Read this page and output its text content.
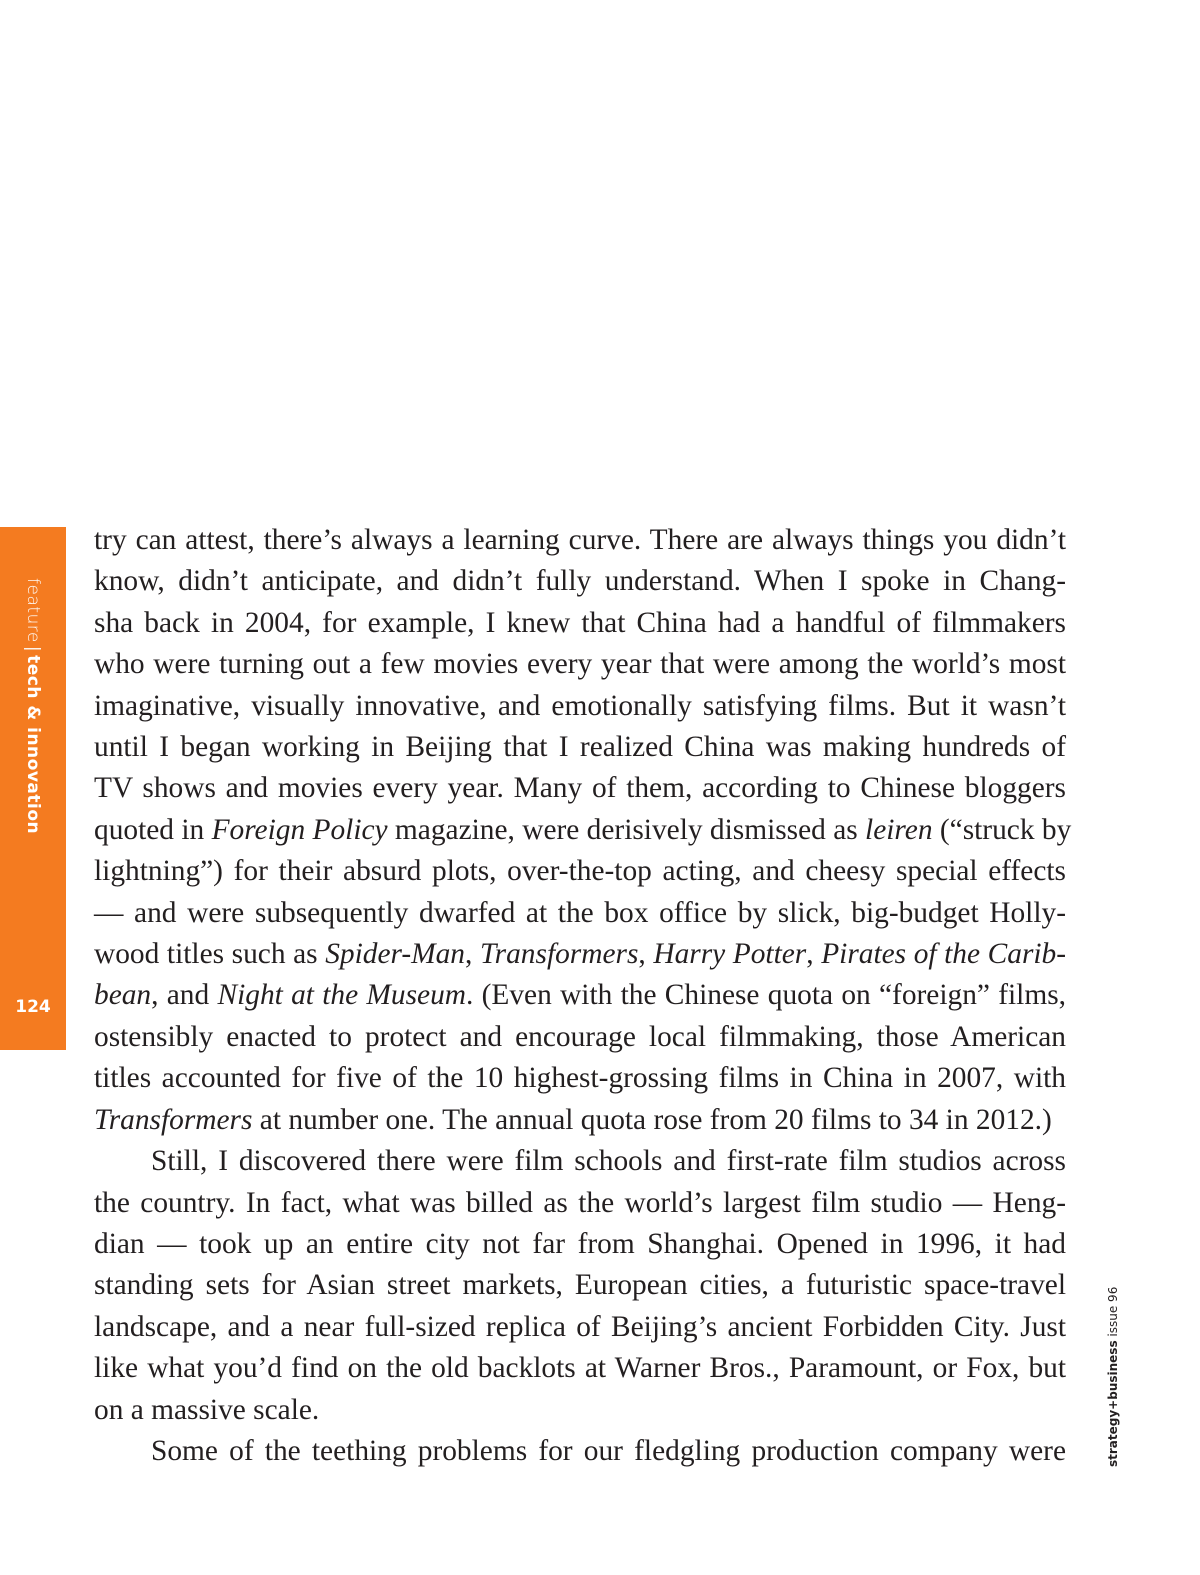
feature|tech & innovation
124

try can attest, there’s always a learning curve. There are always things you didn’t

know, didn’t anticipate, and didn’t fully understand. When I spoke in Chang-

sha back in 2004, for example, I knew that China had a handful of filmmakers

who were turning out a few movies every year that were among the world’s most

imaginative, visually innovative, and emotionally satisfying films. But it wasn’t

until I began working in Beijing that I realized China was making hundreds of

TV shows and movies every year. Many of them, according to Chinese bloggers

quoted in Foreign Policy magazine, were derisively dismissed as leiren (“struck by

lightning”) for their absurd plots, over-the-top acting, and cheesy special effects

— and were subsequently dwarfed at the box office by slick, big-budget Holly-

wood titles such as Spider-Man, Transformers, Harry Potter, Pirates of the Carib-

bean, and Night at the Museum. (Even with the Chinese quota on “foreign” films,

ostensibly enacted to protect and encourage local filmmaking, those American

titles accounted for five of the 10 highest-grossing films in China in 2007, with

Transformers at number one. The annual quota rose from 20 films to 34 in 2012.)

Still, I discovered there were film schools and first-rate film studios across

the country. In fact, what was billed as the world’s largest film studio — Heng-

dian — took up an entire city not far from Shanghai. Opened in 1996, it had

standing sets for Asian street markets, European cities, a futuristic space-travel

landscape, and a near full-sized replica of Beijing’s ancient Forbidden City. Just

like what you’d find on the old backlots at Warner Bros., Paramount, or Fox, but

on a massive scale.

Some of the teething problems for our fledgling production company were	strategy+business issue 96
